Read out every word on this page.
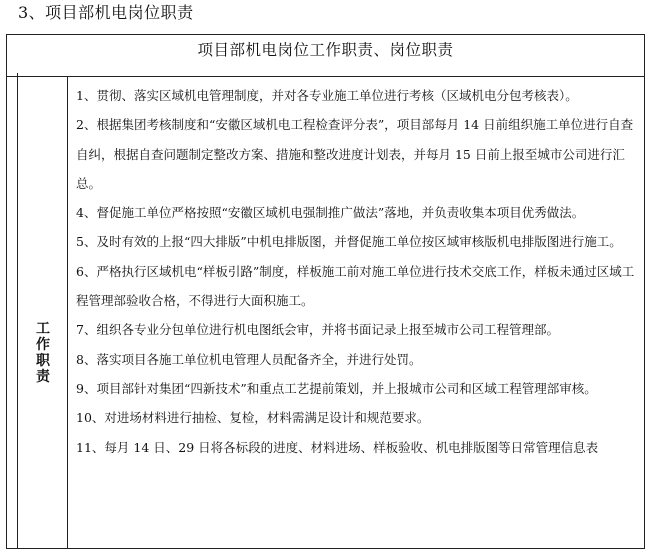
3、项目部机电岗位职责
项目部机电岗位工作职责、岗位职责
工作职责

1、贯彻、落实区域机电管理制度，并对各专业施工单位进行考核（区域机电分包考核表）。

2、根据集团考核制度和“安徽区域机电工程检查评分表”，项目部每月 14 日前组织施工单位进行自查自纠，根据自查问题制定整改方案、措施和整改进度计划表，并每月 15 日前上报至城市公司进行汇总。

4、督促施工单位严格按照“安徽区域机电强制推广做法”落地，并负责收集本项目优秀做法。

5、及时有效的上报“四大排版”中机电排版图，并督促施工单位按区域审核版机电排版图进行施工。

6、严格执行区域机电“样板引路”制度，样板施工前对施工单位进行技术交底工作，样板未通过区域工程管理部验收合格，不得进行大面积施工。

7、组织各专业分包单位进行机电图纸会审，并将书面记录上报至城市公司工程管理部。

8、落实项目各施工单位机电管理人员配备齐全，并进行处罚。

9、项目部针对集团“四新技术”和重点工艺提前策划，并上报城市公司和区域工程管理部审核。

10、对进场材料进行抽检、复检，材料需满足设计和规范要求。

11、每月 14 日、29 日将各标段的进度、材料进场、样板验收、机电排版图等日常管理信息表
